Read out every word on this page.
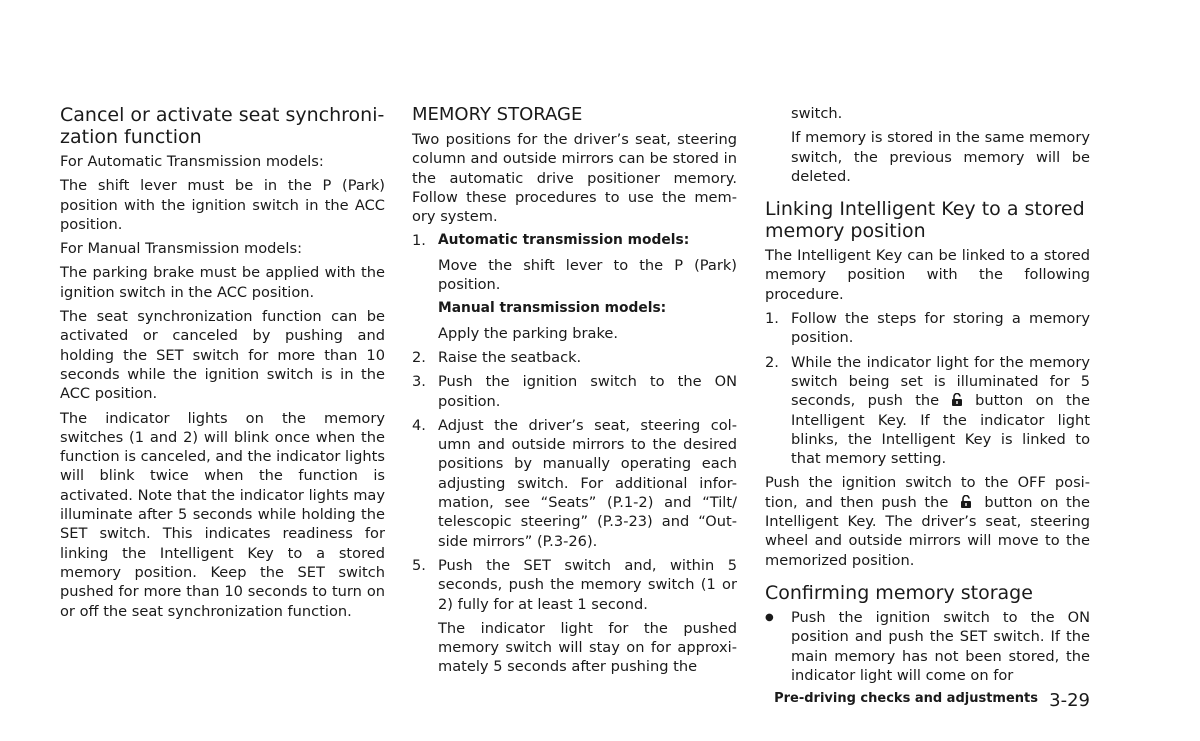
Cancel or activate seat synchroni-zation function

For Automatic Transmission models:

The shift lever must be in the P (Park) position with the ignition switch in the ACC position.

For Manual Transmission models:

The parking brake must be applied with the ignition switch in the ACC position.

The seat synchronization function can be activated or canceled by pushing and holding the SET switch for more than 10 seconds while the ignition switch is in the ACC position.

The indicator lights on the memory switches (1 and 2) will blink once when the function is canceled, and the indicator lights will blink twice when the function is activated. Note that the indicator lights may illuminate after 5 seconds while holding the SET switch. This indicates readiness for linking the Intelligent Key to a stored memory position. Keep the SET switch pushed for more than 10 seconds to turn on or off the seat synchronization function.

MEMORY STORAGE

Two positions for the driver’s seat, steering column and outside mirrors can be stored in the automatic drive positioner memory. Follow these procedures to use the mem-ory system.

1. Automatic transmission models:

Move the shift lever to the P (Park) position.

Manual transmission models:

Apply the parking brake.

2. Raise the seatback.
3. Push the ignition switch to the ON position.
4. Adjust the driver’s seat, steering col-umn and outside mirrors to the desired positions by manually operating each adjusting switch. For additional infor-mation, see “Seats” (P.1-2) and “Tilt/ telescopic steering” (P.3-23) and “Out-side mirrors” (P.3-26).
5. Push the SET switch and, within 5 seconds, push the memory switch (1 or 2) fully for at least 1 second.

The indicator light for the pushed memory switch will stay on for approxi-mately 5 seconds after pushing the

switch.

If memory is stored in the same memory switch, the previous memory will be deleted.

Linking Intelligent Key to a stored memory position

The Intelligent Key can be linked to a stored memory position with the following procedure.

1. Follow the steps for storing a memory position.
2. While the indicator light for the memory switch being set is illuminated for 5 seconds, push the button on the Intelligent Key. If the indicator light blinks, the Intelligent Key is linked to that memory setting.

Push the ignition switch to the OFF posi-tion, and then push the button on the Intelligent Key. The driver’s seat, steering wheel and outside mirrors will move to the memorized position.

Confirming memory storage
●	Push the ignition switch to the ON position and push the SET switch. If the main memory has not been stored, the indicator light will come on for
Pre-driving checks and adjustments 3-29
